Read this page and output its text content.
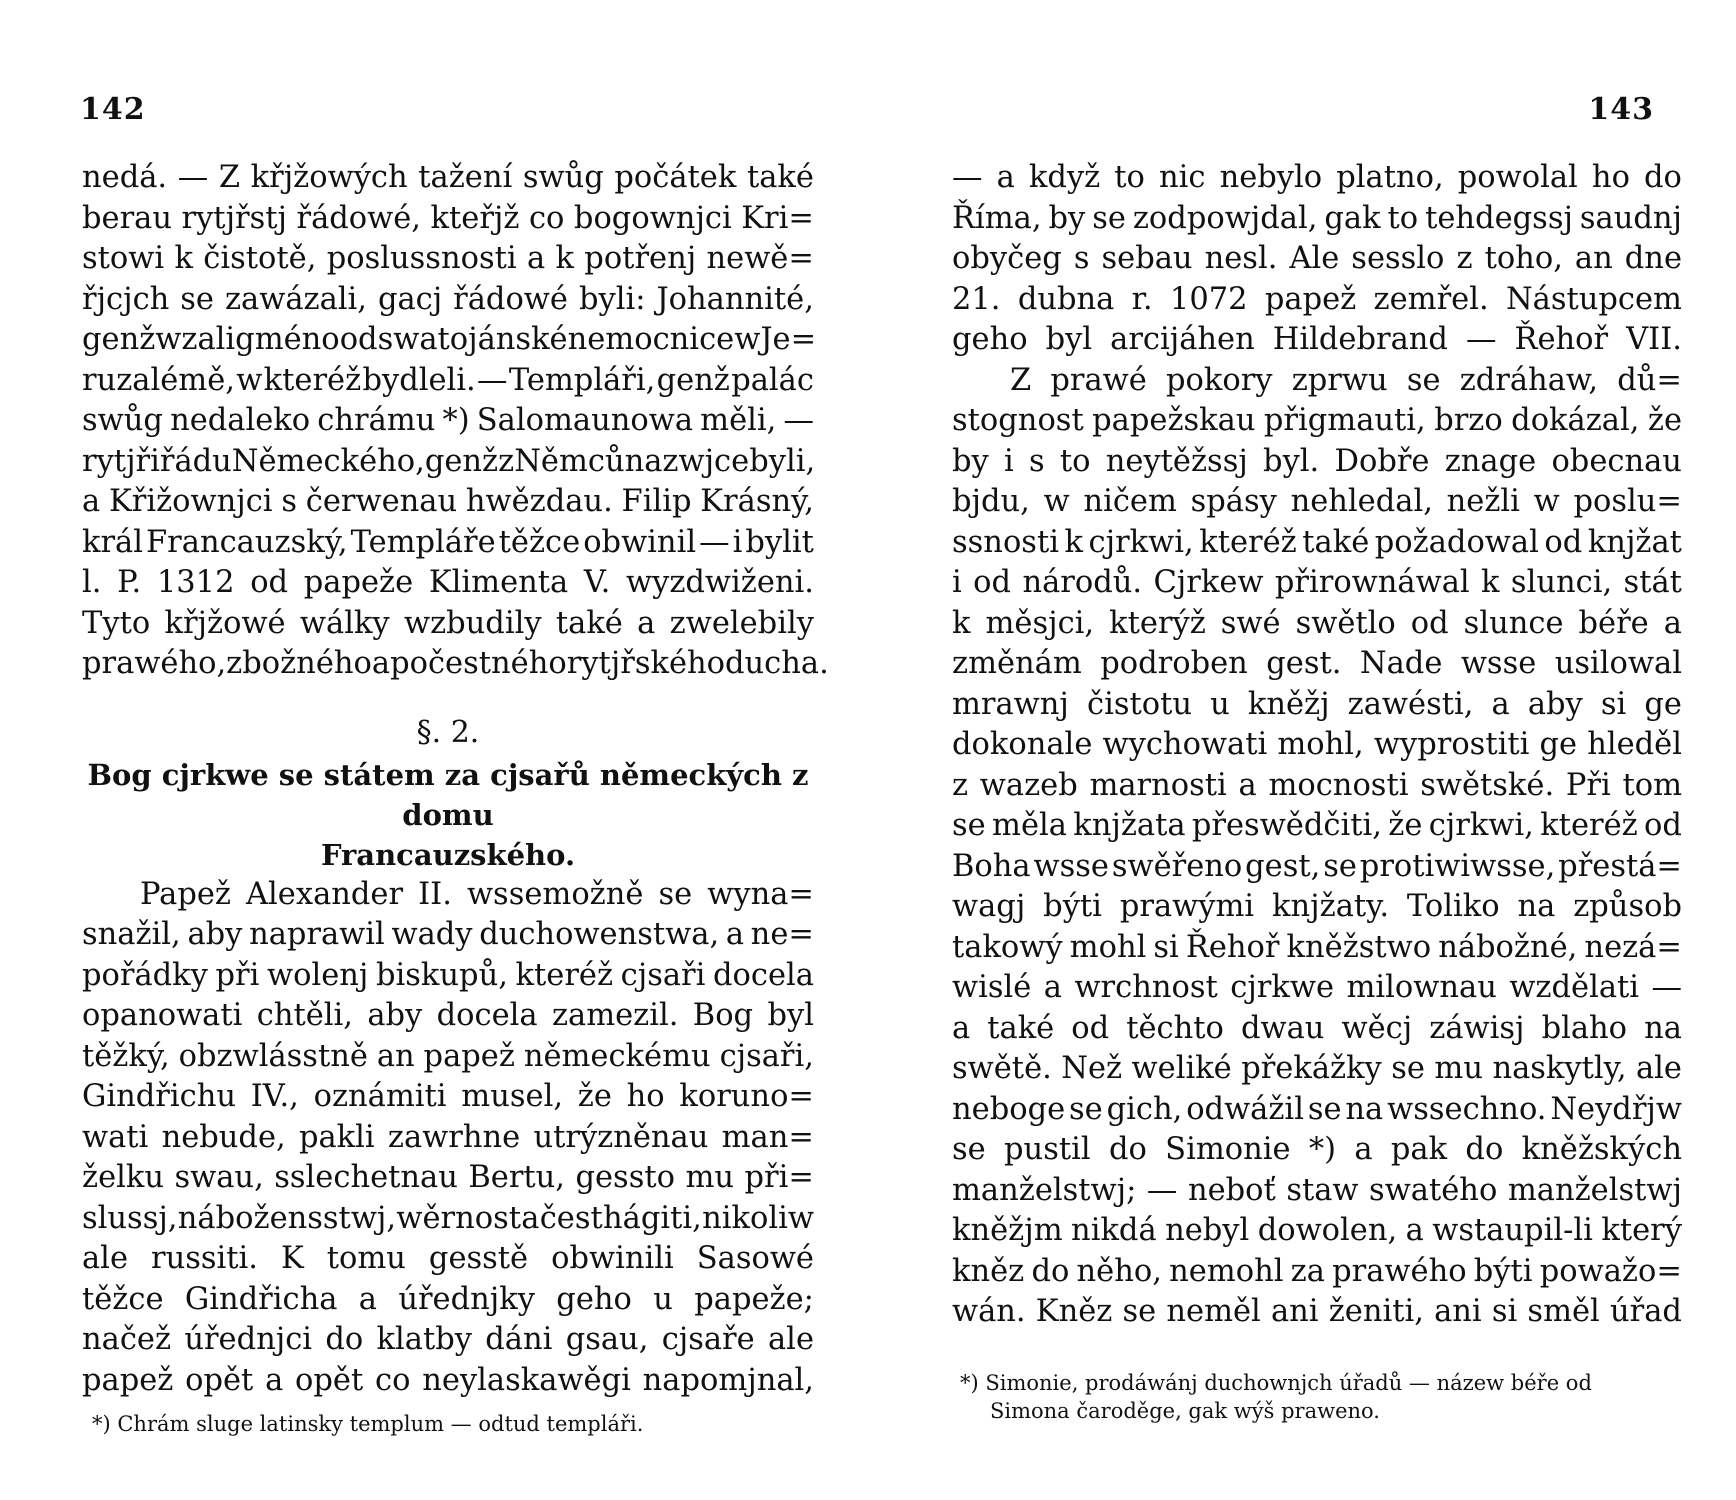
142
nedá. — Z křjžowých tažení swůg počátek také
berau rytjřstj řádowé, kteřjž co bogownjci Kri=
stowi k čistotě, poslussnosti a k potřenj newě=
řjcjch se zawázali, gacj řádowé byli: Johannité,
genž wzali gméno od swatojánské nemocnice w Je=
ruzalémě, w kteréž bydleli. — Templáři, genž palác
swůg nedaleko chrámu *) Salomaunowa měli, —
rytjři řádu Německého, genž z Němců nazwjce byli,
a Křižownjci s čerwenau hwězdau. Filip Krásný,
král Francauzský, Templáře těžce obwinil — i bylit
l. P. 1312 od papeže Klimenta V. wyzdwiženi.
Tyto křjžowé wálky wzbudily také a zwelebily
prawého, zbožného a počestného rytjřského ducha.
§. 2.
Bog cjrkwe se státem za cjsařů německých z domu
Francauzského.
Papež Alexander II. wssemožně se wyna=
snažil, aby naprawil wady duchowenstwa, a ne=
pořádky při wolenj biskupů, kteréž cjsaři docela
opanowati chtěli, aby docela zamezil. Bog byl
těžký, obzwlásstně an papež německému cjsaři,
Gindřichu IV., oznámiti musel, že ho koruno=
wati nebude, pakli zawrhne utrýzněnau man=
želku swau, sslechetnau Bertu, gessto mu při=
slussj, nábožensstwj, wěrnost a čest hágiti, nikoliw
ale russiti. K tomu gesstě obwinili Sasowé
těžce Gindřicha a úřednjky geho u papeže;
načež úřednjci do klatby dáni gsau, cjsaře ale
papež opět a opět co neylaskawěgi napomjnal,
*) Chrám sluge latinsky templum — odtud templáři.
143
— a když to nic nebylo platno, powolal ho do
Říma, by se zodpowjdal, gak to tehdegssj saudnj
obyčeg s sebau nesl. Ale sesslo z toho, an dne
21. dubna r. 1072 papež zemřel. Nástupcem
geho byl arcijáhen Hildebrand — Řehoř VII.
Z prawé pokory zprwu se zdráhaw, dů=
stognost papežskau přigmauti, brzo dokázal, že
by i s to neytěžssj byl. Dobře znage obecnau
bjdu, w ničem spásy nehledal, nežli w poslu=
ssnosti k cjrkwi, kteréž také požadowal od knjžat
i od národů. Cjrkew přirownáwal k slunci, stát
k měsjci, kterýž swé swětlo od slunce béře a
změnám podroben gest. Nade wsse usilowal
mrawnj čistotu u kněžj zawésti, a aby si ge
dokonale wychowati mohl, wyprostiti ge hleděl
z wazeb marnosti a mocnosti swětské. Při tom
se měla knjžata přeswědčiti, že cjrkwi, kteréž od
Boha wsse swěřeno gest, se protiwiwsse, přestá=
wagj býti prawými knjžaty. Toliko na způsob
takowý mohl si Řehoř kněžstwo nábožné, nezá=
wislé a wrchnost cjrkwe milownau wzdělati —
a také od těchto dwau wěcj záwisj blaho na
swětě. Než weliké překážky se mu naskytly, ale
neboge se gich, odwážil se na wssechno. Neydřjw
se pustil do Simonie *) a pak do kněžských
manželstwj; — neboť staw swatého manželstwj
kněžjm nikdá nebyl dowolen, a wstaupil-li který
kněz do něho, nemohl za prawého býti powažo=
wán. Kněz se neměl ani ženiti, ani si směl úřad
*) Simonie, prodáwánj duchownjch úřadů — názew béře od
Simona čaroděge, gak wýš praweno.
